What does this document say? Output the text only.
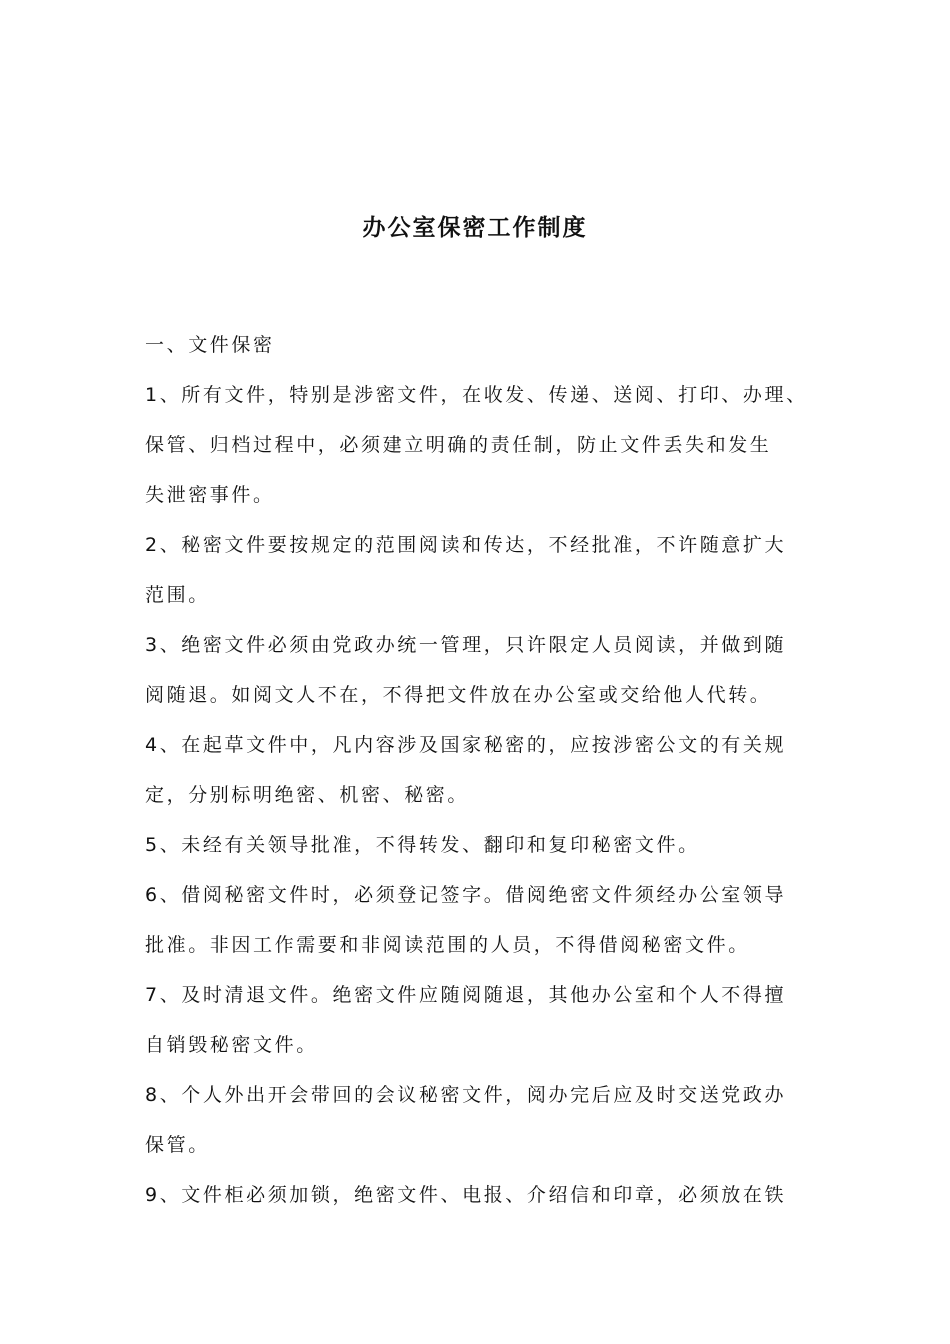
办公室保密工作制度
一、文件保密
1、所有文件，特别是涉密文件，在收发、传递、送阅、打印、办理、
保管、归档过程中，必须建立明确的责任制，防止文件丢失和发生
失泄密事件。
2、秘密文件要按规定的范围阅读和传达，不经批准，不许随意扩大
范围。
3、绝密文件必须由党政办统一管理，只许限定人员阅读，并做到随
阅随退。如阅文人不在，不得把文件放在办公室或交给他人代转。
4、在起草文件中，凡内容涉及国家秘密的，应按涉密公文的有关规
定，分别标明绝密、机密、秘密。
5、未经有关领导批准，不得转发、翻印和复印秘密文件。
6、借阅秘密文件时，必须登记签字。借阅绝密文件须经办公室领导
批准。非因工作需要和非阅读范围的人员，不得借阅秘密文件。
7、及时清退文件。绝密文件应随阅随退，其他办公室和个人不得擅
自销毁秘密文件。
8、个人外出开会带回的会议秘密文件，阅办完后应及时交送党政办
保管。
9、文件柜必须加锁，绝密文件、电报、介绍信和印章，必须放在铁
